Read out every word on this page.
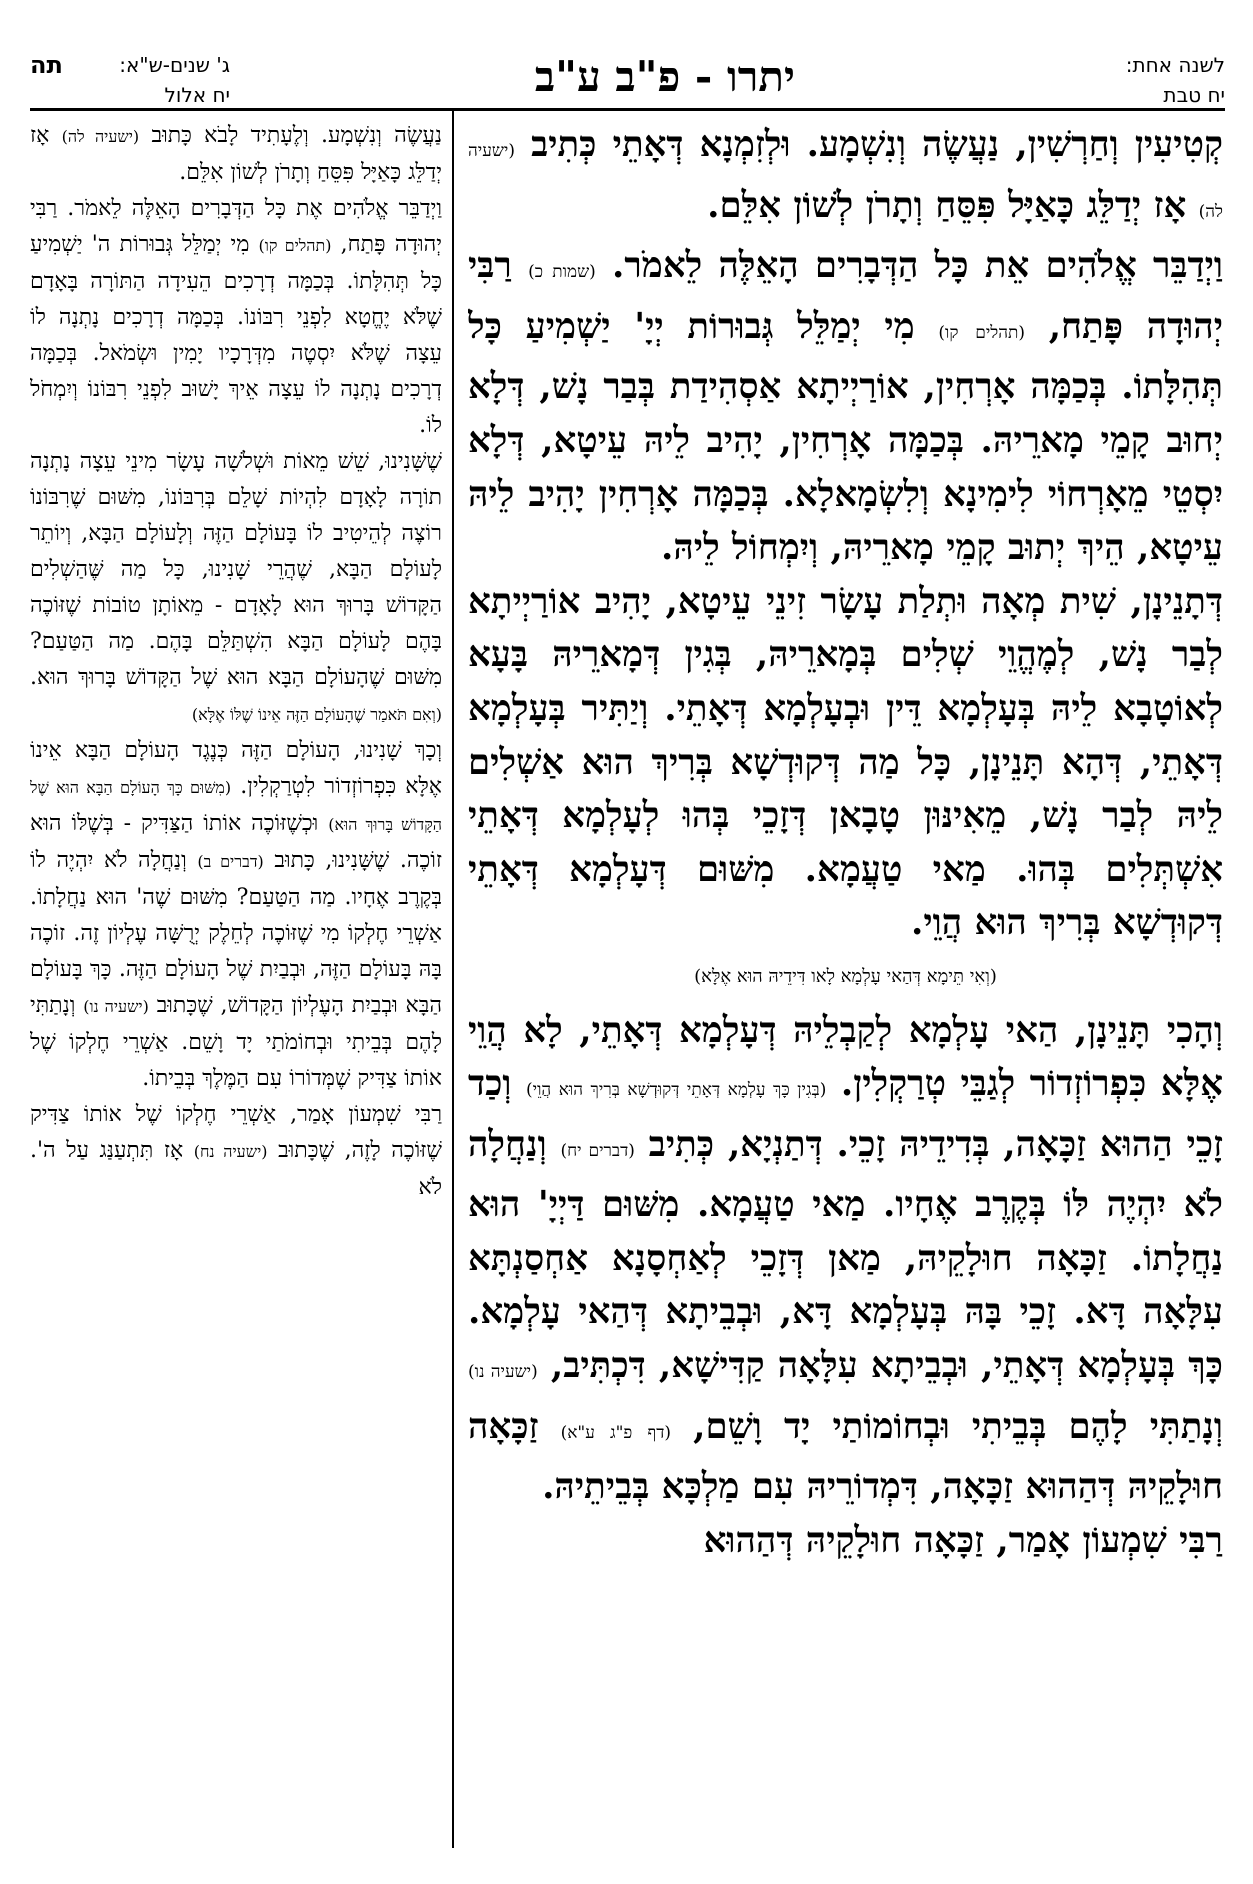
לשנה אחת:
יח טבת
יתרו - פ"ב ע"ב
ג' שנים-ש"א:
תה
יח אלול

קְטִיעִין וְחַרְשִׁין, נַעֲשֶׂה וְנִשְׁמָע. וּלְזִמְנָא דְּאָתֵי כְּתִיב (ישעיה לה) אָז יְדַלֵּג כָּאַיָּל פִּסֵּחַ וְתָרֹן לְשׁוֹן אִלֵּם.

וַיְדַבֵּר אֱלֹהִים אֵת כָּל הַדְּבָרִים הָאֵלֶּה לֵאמֹר. (שמות כ) רַבִּי יְהוּדָה פָּתַח, (תהלים קו) מִי יְמַלֵּל גְּבוּרוֹת יְיָ' יַשְׁמִיעַ כָּל תְּהִלָּתוֹ. בְּכַמָּה אָרְחִין, אוֹרַיְיתָא אַסְהִידַת בְּבַר נָשׁ, דְּלָא יְחוּב קָמֵי מָארֵיהּ. בְּכַמָּה אָרְחִין, יָהִיב לֵיהּ עֵיטָא, דְּלָא יִסְטֵי מֵאָרְחוֹי לִימִינָא וְלִשְׂמָאלָא. בְּכַמָּה אָרְחִין יָהִיב לֵיהּ עֵיטָא, הֵיךְ יְתוּב קָמֵי מָארֵיהּ, וְיִמְחוֹל לֵיהּ.

דְּתָנֵינָן, שִׁית מְאָה וּתְלַת עָשָׂר זִינֵי עֵיטָא, יָהִיב אוֹרַיְיתָא לְבַר נָשׁ, לְמֶהֱוֵי שְׁלִים בְּמָארֵיהּ, בְּגִין דְּמָארֵיהּ בָּעָא לְאוֹטָבָא לֵיהּ בְּעָלְמָא דֵּין וּבְעָלְמָא דְּאָתֵי. וְיַתִּיר בְּעָלְמָא דְּאָתֵי, דְּהָא תָּנֵינָן, כָּל מַה דְּקוּדְשָׁא בְּרִיךְ הוּא אַשְׁלִים לֵיהּ לְבַר נָשׁ, מֵאִינּוּן טָבָאן דְּזָכֵי בְּהוּ לְעָלְמָא דְּאָתֵי אִשְׁתְּלִים בְּהוּ. מַאי טַעֲמָא. מִשּׁוּם דְּעָלְמָא דְּאָתֵי דְּקוּדְשָׁא בְּרִיךְ הוּא הֲוֵי.

(וְאִי תֵּימָא דְּהַאי עָלְמָא לָאו דִּידֵיהּ הוּא אֶלָּא)

וְהָכִי תָּנֵינָן, הַאי עָלְמָא לְקַבְלֵיהּ דְּעָלְמָא דְּאָתֵי, לָא הֲוֵי אֶלָּא כִּפְרוֹזְדוֹר לְגַבֵּי טְרַקְלִין. (בְּגִין כָּךְ עָלְמָא דְּאָתֵי דְּקוּדְשָׁא בְּרִיךְ הוּא הֲוֵי) וְכַד זָכֵי הַהוּא זַכָּאָה, בְּדִידֵיהּ זָכֵי. דְּתַנְיָא, כְּתִיב (דברים יח) וְנַחֲלָה לֹא יִהְיֶה לּוֹ בְּקֶרֶב אֶחָיו. מַאי טַעֲמָא. מִשּׁוּם דַּיְיָ' הוּא נַחֲלָתוֹ. זַכָּאָה חוּלָקֵיהּ, מַאן דְּזָכֵי לְאַחְסָנָא אַחְסַנְתָּא עִלָּאָה דָּא. זָכֵי בָּהּ בְּעָלְמָא דָּא, וּבְבֵיתָא דְּהַאי עָלְמָא. כָּךְ בְּעָלְמָא דְּאָתֵי, וּבְבֵיתָא עִלָּאָה קַדִּישָׁא, דִּכְתִּיב, (ישעיה נו) וְנָתַתִּי לָהֶם בְּבֵיתִי וּבְחוֹמוֹתַי יָד וָשֵׁם, (דף פ"ג ע"א) זַכָּאָה חוּלָקֵיהּ דְּהַהוּא זַכָּאָה, דִּמְדוֹרֵיהּ עִם מַלְכָּא בְּבֵיתֵיהּ.

רַבִּי שִׁמְעוֹן אָמַר, זַכָּאָה חוּלָקֵיהּ דְּהַהוּא

נַעֲשֶׂה וְנִשְׁמָע. וְלֶעָתִיד לָבֹא כָּתוּב (ישעיה לה) אָז יְדַלֵּג כָּאַיָּל פִּסֵּחַ וְתָרֹן לְשׁוֹן אִלֵּם.

וַיְדַבֵּר אֱלֹהִים אֶת כָּל הַדְּבָרִים הָאֵלֶּה לֵאמֹר. רַבִּי יְהוּדָה פָּתַח, (תהלים קו) מִי יְמַלֵּל גְּבוּרוֹת ה' יַשְׁמִיעַ כָּל תְּהִלָּתוֹ. בְּכַמָּה דְרָכִים הֵעִידָה הַתּוֹרָה בָּאָדָם שֶׁלֹּא יֶחֱטָא לִפְנֵי רִבּוֹנוֹ. בְּכַמָּה דְרָכִים נָתְנָה לוֹ עֵצָה שֶׁלֹּא יִסְטֶה מִדְּרָכָיו יָמִין וּשְׂמֹאל. בְּכַמָּה דְרָכִים נָתְנָה לוֹ עֵצָה אֵיךְ יָשׁוּב לִפְנֵי רִבּוֹנוֹ וְיִמְחֹל לוֹ.

שֶׁשָּׁנִינוּ, שֵׁשׁ מֵאוֹת וּשְׁלֹשָׁה עָשָׂר מִינֵי עֵצָה נָתְנָה תוֹרָה לָאָדָם לִהְיוֹת שָׁלֵם בְּרִבּוֹנוֹ, מִשּׁוּם שֶׁרִבּוֹנוֹ רוֹצֶה לְהֵיטִיב לוֹ בָּעוֹלָם הַזֶּה וְלָעוֹלָם הַבָּא, וְיוֹתֵר לָעוֹלָם הַבָּא, שֶׁהֲרֵי שָׁנִינוּ, כָּל מַה שֶּׁהַשְׁלִים הַקָּדוֹשׁ בָּרוּךְ הוּא לָאָדָם - מֵאוֹתָן טוֹבוֹת שֶׁזּוֹכֶה בָּהֶם לָעוֹלָם הַבָּא הִשְׁתַּלֵּם בָּהֶם. מַה הַטַּעַם? מִשּׁוּם שֶׁהָעוֹלָם הַבָּא הוּא שֶׁל הַקָּדוֹשׁ בָּרוּךְ הוּא. (וְאִם תֹּאמַר שֶׁהָעוֹלָם הַזֶּה אֵינוֹ שֶׁלּוֹ אֶלָּא)

וְכָךְ שָׁנִינוּ, הָעוֹלָם הַזֶּה כְּנֶגֶד הָעוֹלָם הַבָּא אֵינוֹ אֶלָּא כִּפְרוֹזְדוֹר לִטְרַקְלִין. (מִשּׁוּם כָּךְ הָעוֹלָם הַבָּא הוּא שֶׁל הַקָּדוֹשׁ בָּרוּךְ הוּא) וּכְשֶׁזּוֹכֶה אוֹתוֹ הַצַּדִּיק - בְּשֶׁלּוֹ הוּא זוֹכֶה. שֶׁשָּׁנִינוּ, כָּתוּב (דברים ב) וְנַחֲלָה לֹא יִהְיֶה לוֹ בְּקֶרֶב אֶחָיו. מַה הַטַּעַם? מִשּׁוּם שֶׁה' הוּא נַחֲלָתוֹ. אַשְׁרֵי חֶלְקוֹ מִי שֶׁזּוֹכֶה לְחֵלֶק יְרֻשָּׁה עֶלְיוֹן זֶה. זוֹכֶה בָּהּ בָּעוֹלָם הַזֶּה, וּבְבַיִת שֶׁל הָעוֹלָם הַזֶּה. כָּךְ בָּעוֹלָם הַבָּא וּבְבַיִת הָעֶלְיוֹן הַקָּדוֹשׁ, שֶׁכָּתוּב (ישעיה נו) וְנָתַתִּי לָהֶם בְּבֵיתִי וּבְחוֹמֹתַי יָד וָשֵׁם. אַשְׁרֵי חֶלְקוֹ שֶׁל אוֹתוֹ צַדִּיק שֶׁמְּדוֹרוֹ עִם הַמֶּלֶךְ בְּבֵיתוֹ.

רַבִּי שִׁמְעוֹן אָמַר, אַשְׁרֵי חֶלְקוֹ שֶׁל אוֹתוֹ צַדִּיק שֶׁזּוֹכֶה לָזֶה, שֶׁכָּתוּב (ישעיה נח) אָז תִּתְעַנַּג עַל ה'. לֹא
